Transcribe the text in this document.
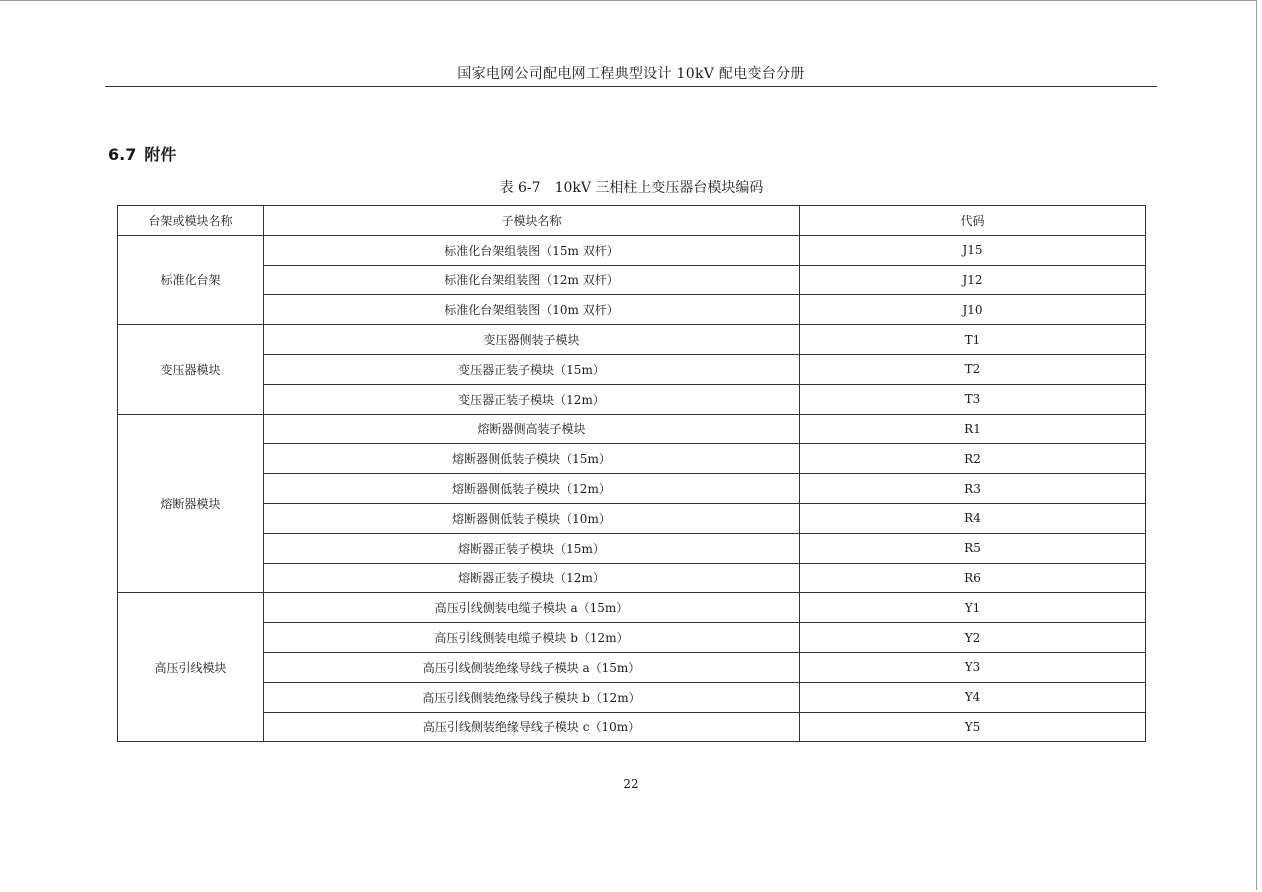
国家电网公司配电网工程典型设计 10kV 配电变台分册
6.7 附件
表 6-7 10kV 三相柱上变压器台模块编码
台架或模块名称	子模块名称	代码
标准化台架	标准化台架组装图（15m 双杆）	J15
	标准化台架组装图（12m 双杆）	J12
	标准化台架组装图（10m 双杆）	J10
变压器模块	变压器侧装子模块	T1
	变压器正装子模块（15m）	T2
	变压器正装子模块（12m）	T3
熔断器模块	熔断器侧高装子模块	R1
	熔断器侧低装子模块（15m）	R2
	熔断器侧低装子模块（12m）	R3
	熔断器侧低装子模块（10m）	R4
	熔断器正装子模块（15m）	R5
	熔断器正装子模块（12m）	R6
高压引线模块	高压引线侧装电缆子模块 a（15m）	Y1
	高压引线侧装电缆子模块 b（12m）	Y2
	高压引线侧装绝缘导线子模块 a（15m）	Y3
	高压引线侧装绝缘导线子模块 b（12m）	Y4
	高压引线侧装绝缘导线子模块 c（10m）	Y5
22
